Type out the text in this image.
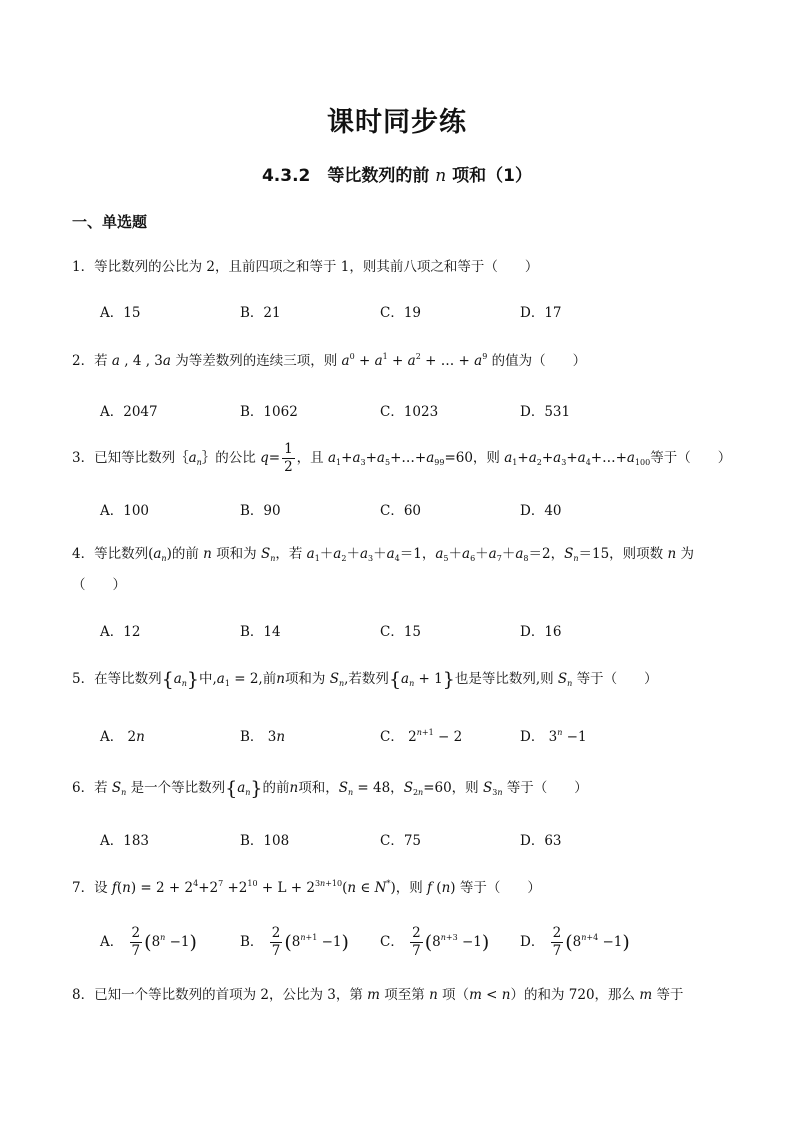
课时同步练
4.3.2　等比数列的前 n 项和（1）
一、单选题
1．等比数列的公比为 2，且前四项之和等于 1，则其前八项之和等于（　　）
A．15	B．21	C．19	D．17
2．若 a , 4 , 3a 为等差数列的连续三项，则 $a^0 + a^1 + a^2$ + … + $a^9$ 的值为（　　）
A．2047	B．1062	C．1023	D．531
3．已知等比数列$\{a_n\}$的公比 $q= \frac{1}{2}$ ，且 $a_1+a_3+a_5+\dots+a_{99}=60$，则 $a_1+a_2+a_3+a_4+\dots+a_{100}$等于（　　）
A．100	B．90	C．60	D．40
4．等比数列$(a_n)$的前 n 项和为 $S_n$，若 $a_1+a_2+a_3+a_4=1$，$a_5+a_6+a_7+a_8=2$，$S_n=15$，则项数 n 为
（　　）
A．12	B．14	C．15	D．16
5．在等比数列$\{a_n\}$中$,a_1 = 2$,前n项和为 $S_n$,若数列$\{a_n + 1\}$也是等比数列,则 $S_n$ 等于（　　）
A． 2n	B． 3n	C． $2^{n+1} - 2$	D． $3^n -1$
6．若 $S_n$ 是一个等比数列$\{a_n\}$的前n项和，$S_n = 48$，$S_{2n}=60$，则 $S_{3n}$ 等于（　　）
A．183	B．108	C．75	D．63
7．设 $f(n) = 2 + 2^4+2^7 +2^{10} + L + 2^{3n+10}(n$ ∈ N*)，则 f (n) 等于（　　）
A． $\frac{2}{7} (8^n -1)$	B． $\frac{2}{7} (8^{n+1} -1)$ C． $\frac{2}{7} (8^{n+3} -1)$ D． $\frac{2}{7} (8^{n+4} -1)$
8．已知一个等比数列的首项为 2，公比为 3，第 m 项至第 n 项（m < n）的和为 720，那么 m 等于
